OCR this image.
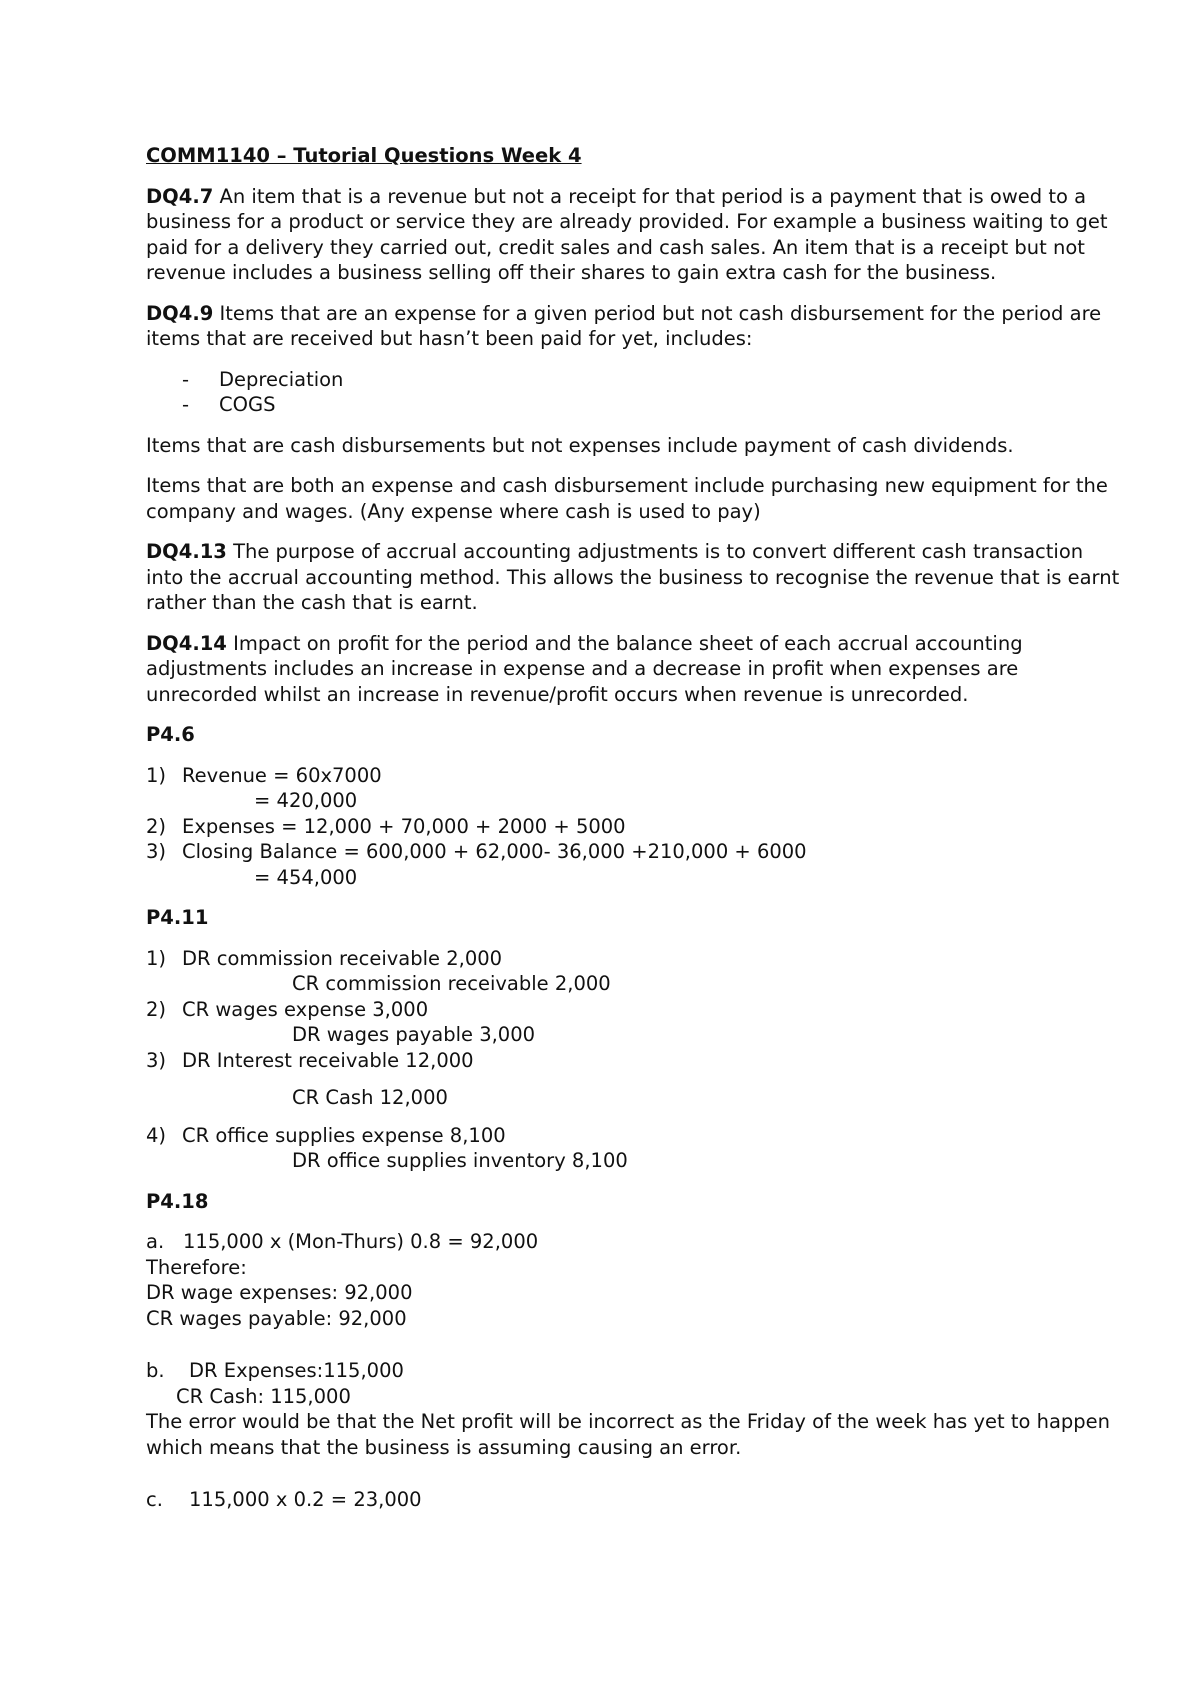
COMM1140 – Tutorial Questions Week 4

DQ4.7 An item that is a revenue but not a receipt for that period is a payment that is owed to a business for a product or service they are already provided. For example a business waiting to get paid for a delivery they carried out, credit sales and cash sales. An item that is a receipt but not revenue includes a business selling off their shares to gain extra cash for the business.

DQ4.9 Items that are an expense for a given period but not cash disbursement for the period are items that are received but hasn’t been paid for yet, includes:

- Depreciation
- COGS

Items that are cash disbursements but not expenses include payment of cash dividends.

Items that are both an expense and cash disbursement include purchasing new equipment for the company and wages. (Any expense where cash is used to pay)

DQ4.13 The purpose of accrual accounting adjustments is to convert different cash transaction into the accrual accounting method. This allows the business to recognise the revenue that is earnt rather than the cash that is earnt.

DQ4.14 Impact on profit for the period and the balance sheet of each accrual accounting adjustments includes an increase in expense and a decrease in profit when expenses are unrecorded whilst an increase in revenue/profit occurs when revenue is unrecorded.

P4.6

1) Revenue = 60x7000
= 420,000
2) Expenses = 12,000 + 70,000 + 2000 + 5000
3) Closing Balance = 600,000 + 62,000- 36,000 +210,000 + 6000
= 454,000

P4.11

1) DR commission receivable 2,000
CR commission receivable 2,000
2) CR wages expense 3,000
DR wages payable 3,000
3) DR Interest receivable 12,000
CR Cash 12,000
4) CR office supplies expense 8,100
DR office supplies inventory 8,100

P4.18

a. 115,000 x (Mon-Thurs) 0.8 = 92,000
Therefore:
DR wage expenses: 92,000
CR wages payable: 92,000
b.	DR Expenses:115,000
CR Cash: 115,000
The error would be that the Net profit will be incorrect as the Friday of the week has yet to happen which means that the business is assuming causing an error.
c.	115,000 x 0.2 = 23,000
